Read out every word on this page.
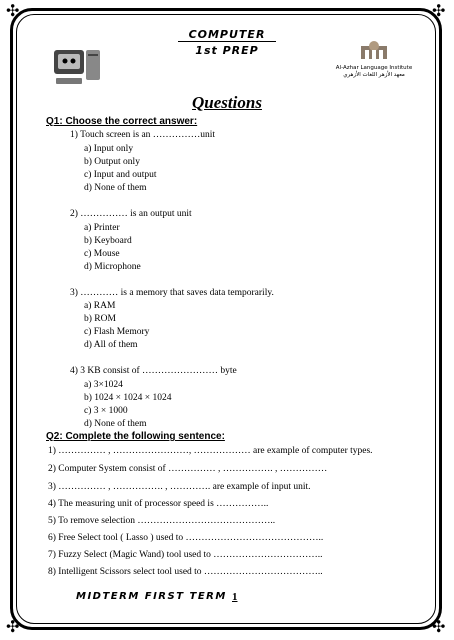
✣	✣
✣	✣
COMPUTER
1st PREP
Al-Azhar Language Institute
معهد الأزهر اللغات الأزهري
Questions
Q1: Choose the correct answer:
1) Touch screen is an ……………unit
a) Input only
b) Output only
c) Input and output
d) None of them
2) …………… is an output unit
a) Printer
b) Keyboard
c) Mouse
d) Microphone
3) ………… is a memory that saves data temporarily.
a) RAM
b) ROM
c) Flash Memory
d) All of them
4) 3 KB consist of …………………… byte
a) 3×1024
b) 1024 × 1024 × 1024
c) 3 × 1000
d) None of them
Q2: Complete the following sentence:
1) …………… , ……………………, ……………… are example of computer types.
2) Computer System consist of …………… , ……………. , ……………
3) …………… , ……………. , …………. are example of input unit.
4) The measuring unit of processor speed is ……………..
5) To remove selection ……………………………………..
6) Free Select tool ( Lasso ) used to ……………………………………..
7) Fuzzy Select (Magic Wand) tool used to ……………………………..
8) Intelligent Scissors select tool used to ………………………………..
MIDTERM FIRST TERM 1
